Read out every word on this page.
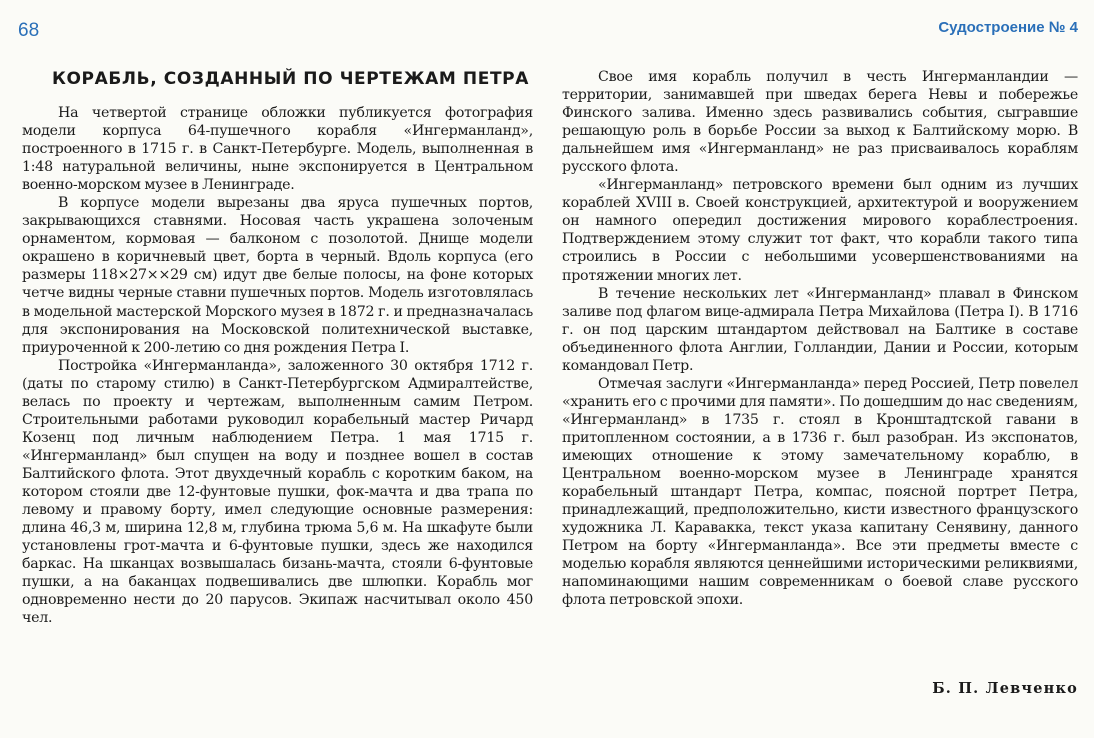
68	Судостроение № 4
КОРАБЛЬ, СОЗДАННЫЙ ПО ЧЕРТЕЖАМ ПЕТРА

На четвертой странице обложки публикуется фотография модели корпуса 64-пушечного корабля «Ингерманланд», построенного в 1715 г. в Санкт-Петербурге. Модель, выполненная в 1:48 натуральной величины, ныне экспонируется в Центральном военно-морском музее в Ленинграде.

В корпусе модели вырезаны два яруса пушечных портов, закрывающихся ставнями. Носовая часть украшена золоченым орнаментом, кормовая — балконом с позолотой. Днище модели окрашено в коричневый цвет, борта в черный. Вдоль корпуса (его размеры 118×27××29 см) идут две белые полосы, на фоне которых четче видны черные ставни пушечных портов. Модель изготовлялась в модельной мастерской Морского музея в 1872 г. и предназначалась для экспонирования на Московской политехнической выставке, приуроченной к 200-летию со дня рождения Петра I.

Постройка «Ингерманланда», заложенного 30 октября 1712 г. (даты по старому стилю) в Санкт-Петербургском Адмиралтействе, велась по проекту и чертежам, выполненным самим Петром. Строительными работами руководил корабельный мастер Ричард Козенц под личным наблюдением Петра. 1 мая 1715 г. «Ингерманланд» был спущен на воду и позднее вошел в состав Балтийского флота. Этот двухдечный корабль с коротким баком, на котором стояли две 12-фунтовые пушки, фок-мачта и два трапа по левому и правому борту, имел следующие основные размерения: длина 46,3 м, ширина 12,8 м, глубина трюма 5,6 м. На шкафуте были установлены грот-мачта и 6-фунтовые пушки, здесь же находился баркас. На шканцах возвышалась бизань-мачта, стояли 6-фунтовые пушки, а на баканцах подвешивались две шлюпки. Корабль мог одновременно нести до 20 парусов. Экипаж насчитывал около 450 чел.

Свое имя корабль получил в честь Ингерманландии — территории, занимавшей при шведах берега Невы и побережье Финского залива. Именно здесь развивались события, сыгравшие решающую роль в борьбе России за выход к Балтийскому морю. В дальнейшем имя «Ингерманланд» не раз присваивалось кораблям русского флота.

«Ингерманланд» петровского времени был одним из лучших кораблей XVIII в. Своей конструкцией, архитектурой и вооружением он намного опередил достижения мирового кораблестроения. Подтверждением этому служит тот факт, что корабли такого типа строились в России с небольшими усовершенствованиями на протяжении многих лет.

В течение нескольких лет «Ингерманланд» плавал в Финском заливе под флагом вице-адмирала Петра Михайлова (Петра I). В 1716 г. он под царским штандартом действовал на Балтике в составе объединенного флота Англии, Голландии, Дании и России, которым командовал Петр.

Отмечая заслуги «Ингерманланда» перед Россией, Петр повелел «хранить его с прочими для памяти». По дошедшим до нас сведениям, «Ингерманланд» в 1735 г. стоял в Кронштадтской гавани в притопленном состоянии, а в 1736 г. был разобран. Из экспонатов, имеющих отношение к этому замечательному кораблю, в Центральном военно-морском музее в Ленинграде хранятся корабельный штандарт Петра, компас, поясной портрет Петра, принадлежащий, предположительно, кисти известного французского художника Л. Каравакка, текст указа капитану Сенявину, данного Петром на борту «Ингерманланда». Все эти предметы вместе с моделью корабля являются ценнейшими историческими реликвиями, напоминающими нашим современникам о боевой славе русского флота петровской эпохи.

Б. П. Левченко
